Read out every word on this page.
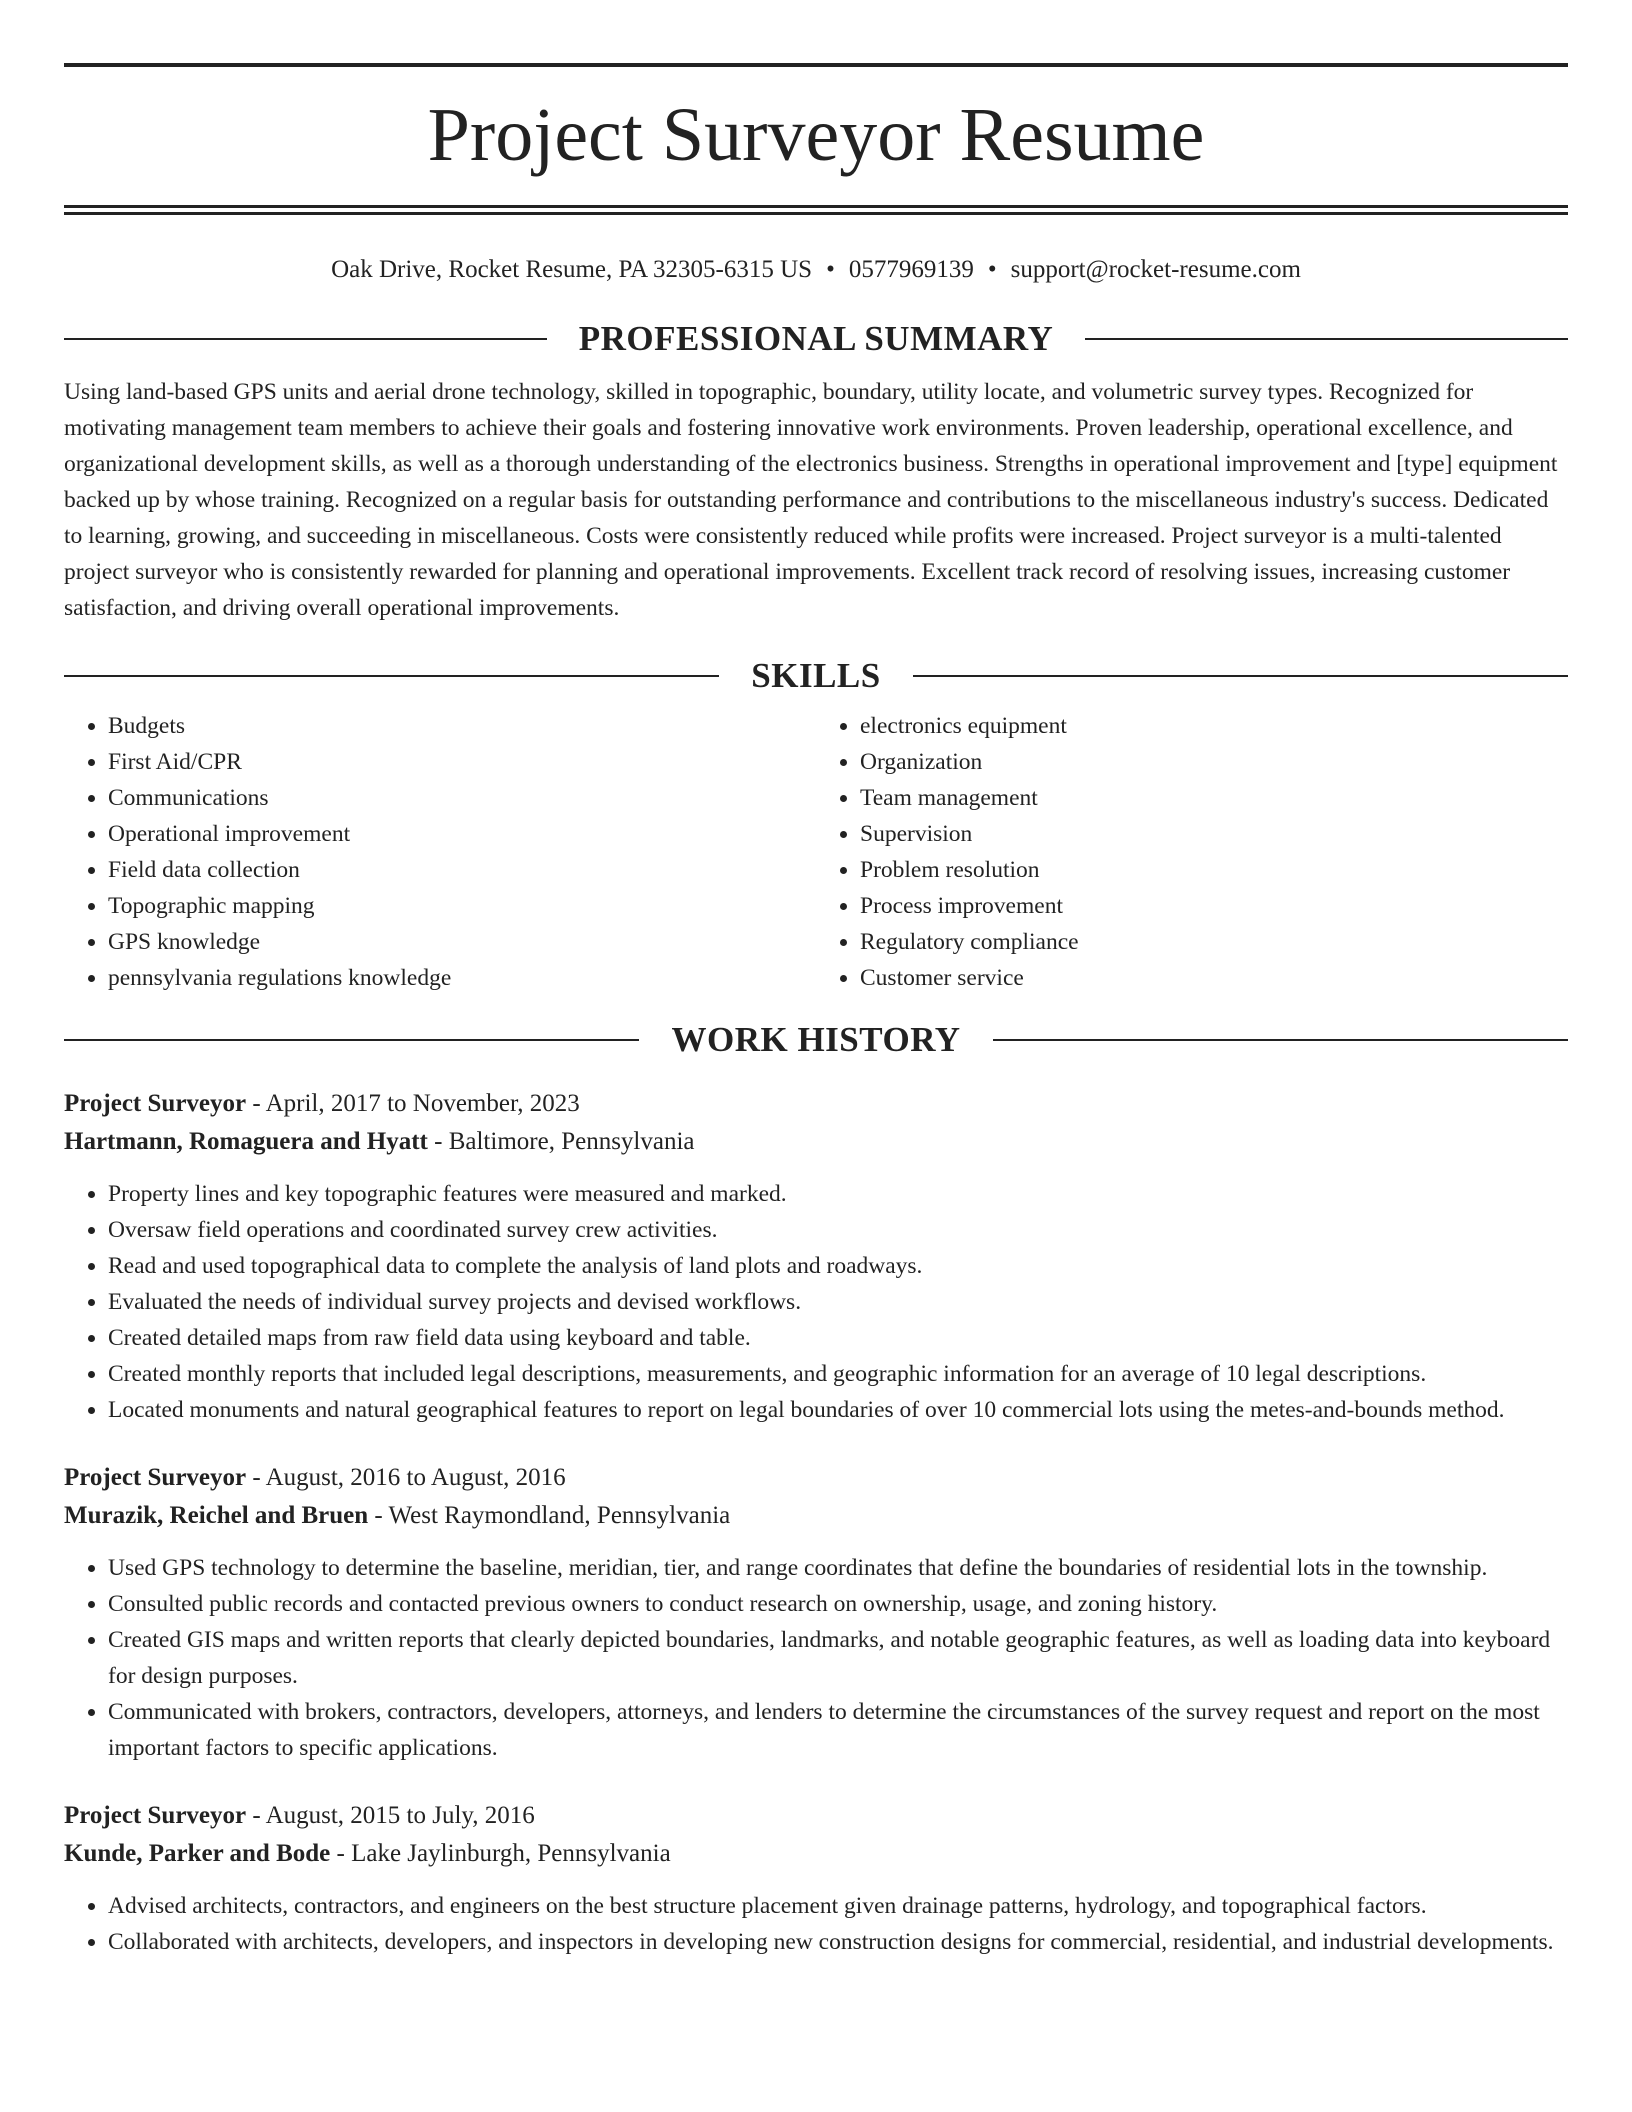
Project Surveyor Resume
Oak Drive, Rocket Resume, PA 32305-6315 US • 0577969139 • support@rocket-resume.com
PROFESSIONAL SUMMARY

Using land-based GPS units and aerial drone technology, skilled in topographic, boundary, utility locate, and volumetric survey types. Recognized for motivating management team members to achieve their goals and fostering innovative work environments. Proven leadership, operational excellence, and organizational development skills, as well as a thorough understanding of the electronics business. Strengths in operational improvement and [type] equipment backed up by whose training. Recognized on a regular basis for outstanding performance and contributions to the miscellaneous industry's success. Dedicated to learning, growing, and succeeding in miscellaneous. Costs were consistently reduced while profits were increased. Project surveyor is a multi-talented project surveyor who is consistently rewarded for planning and operational improvements. Excellent track record of resolving issues, increasing customer satisfaction, and driving overall operational improvements.

SKILLS
• Budgets
• First Aid/CPR
• Communications
• Operational improvement
• Field data collection
• Topographic mapping
• GPS knowledge
• pennsylvania regulations knowledge
• electronics equipment
• Organization
• Team management
• Supervision
• Problem resolution
• Process improvement
• Regulatory compliance
• Customer service
WORK HISTORY

Project Surveyor - April, 2017 to November, 2023

Hartmann, Romaguera and Hyatt - Baltimore, Pennsylvania

• Property lines and key topographic features were measured and marked.
• Oversaw field operations and coordinated survey crew activities.
• Read and used topographical data to complete the analysis of land plots and roadways.
• Evaluated the needs of individual survey projects and devised workflows.
• Created detailed maps from raw field data using keyboard and table.
• Created monthly reports that included legal descriptions, measurements, and geographic information for an average of 10 legal descriptions.
• Located monuments and natural geographical features to report on legal boundaries of over 10 commercial lots using the metes-and-bounds method.

Project Surveyor - August, 2016 to August, 2016

Murazik, Reichel and Bruen - West Raymondland, Pennsylvania

• Used GPS technology to determine the baseline, meridian, tier, and range coordinates that define the boundaries of residential lots in the township.
• Consulted public records and contacted previous owners to conduct research on ownership, usage, and zoning history.
• Created GIS maps and written reports that clearly depicted boundaries, landmarks, and notable geographic features, as well as loading data into keyboard for design purposes.
• Communicated with brokers, contractors, developers, attorneys, and lenders to determine the circumstances of the survey request and report on the most important factors to specific applications.

Project Surveyor - August, 2015 to July, 2016

Kunde, Parker and Bode - Lake Jaylinburgh, Pennsylvania

• Advised architects, contractors, and engineers on the best structure placement given drainage patterns, hydrology, and topographical factors.
• Collaborated with architects, developers, and inspectors in developing new construction designs for commercial, residential, and industrial developments.
